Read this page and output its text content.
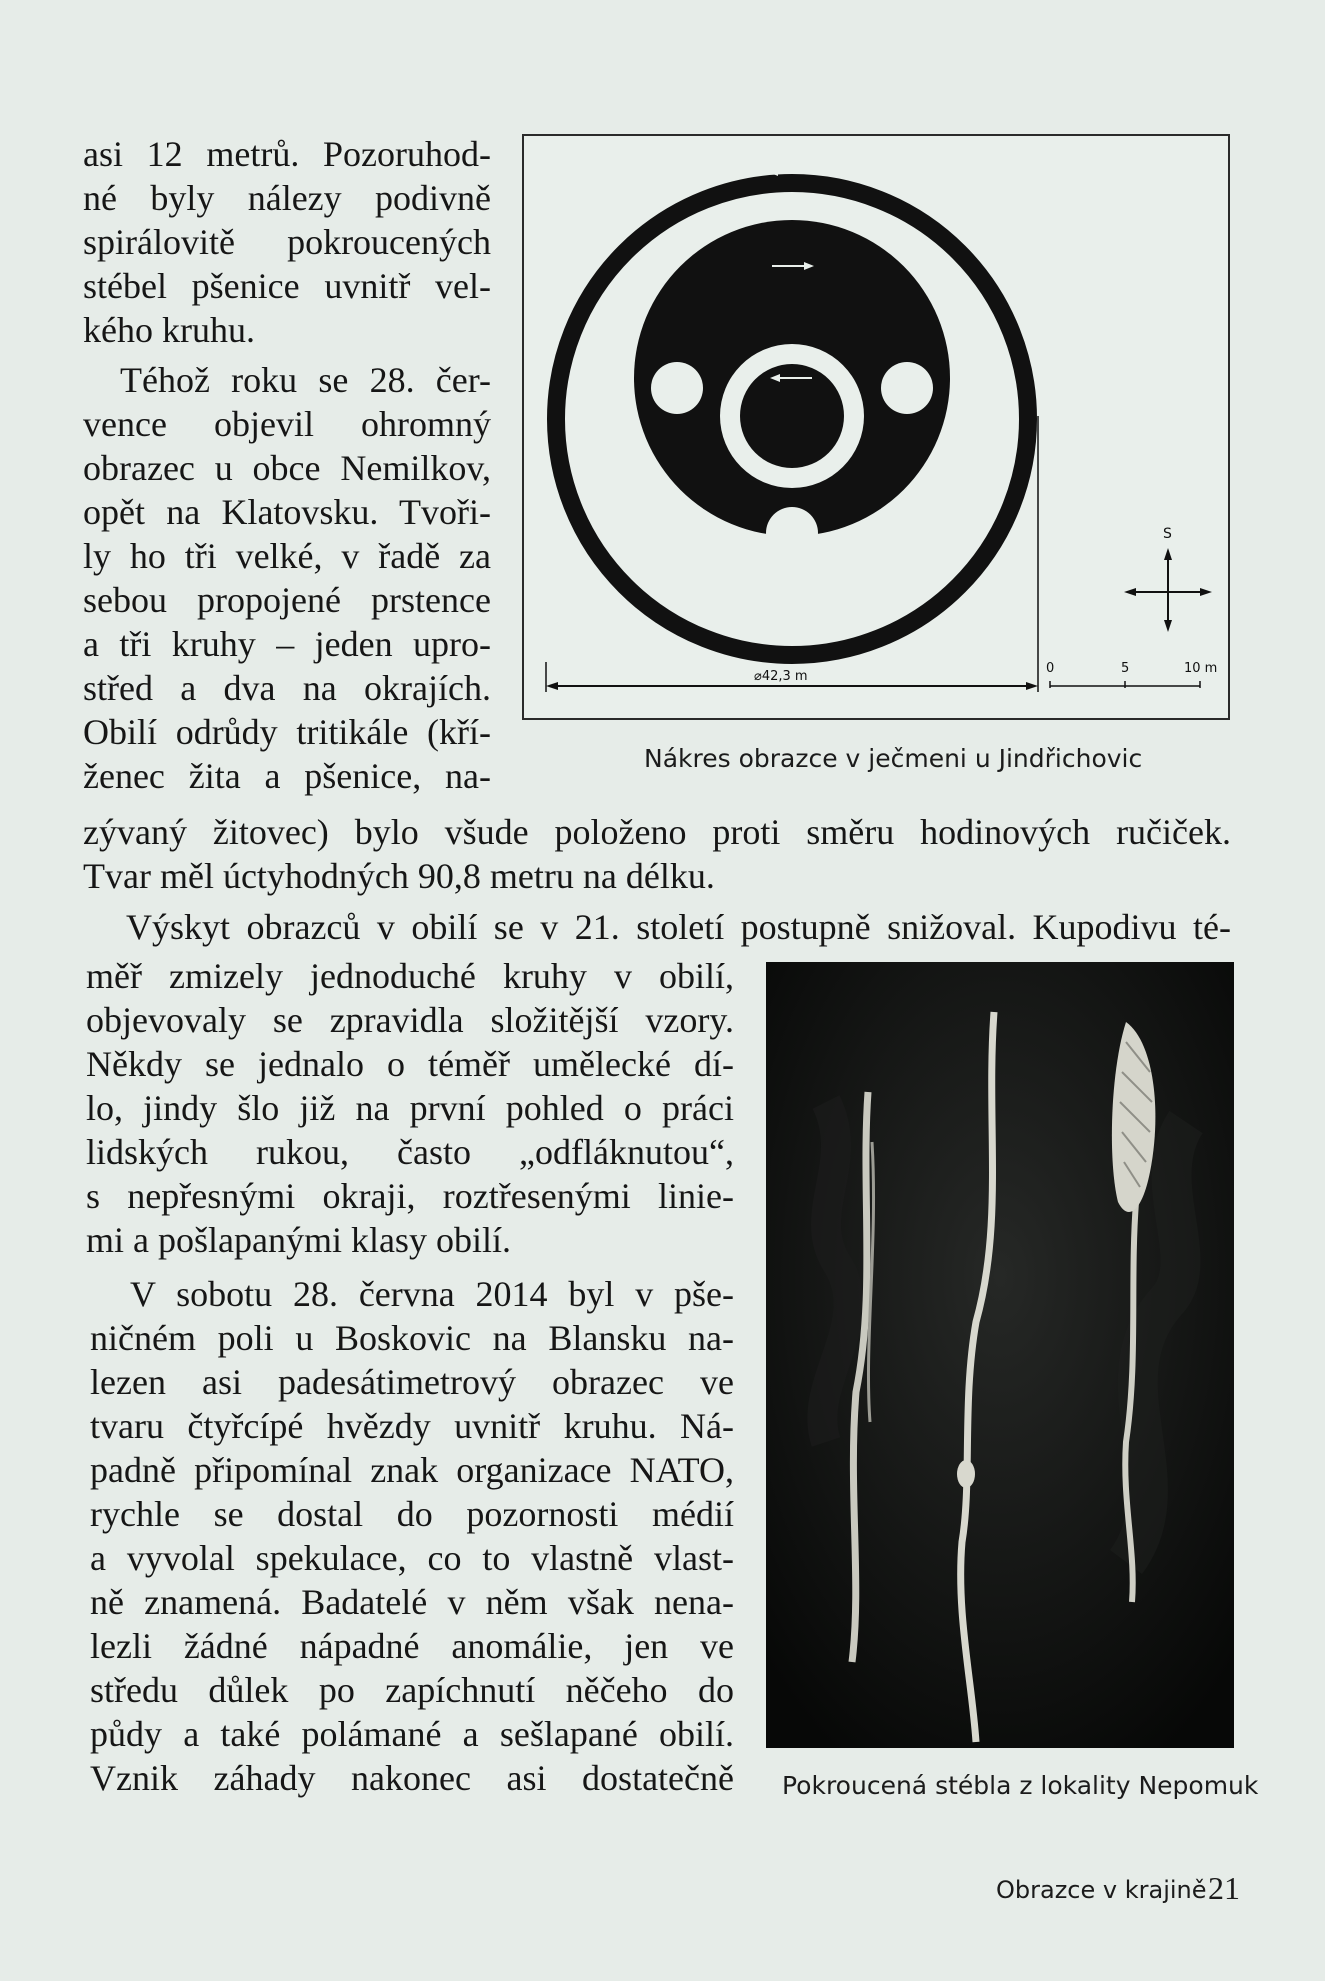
asi 12 metrů. Pozoruhod-
né byly nálezy podivně
spirálovitě pokroucených
stébel pšenice uvnitř vel-
kého kruhu.
Téhož roku se 28. čer-
vence objevil ohromný
obrazec u obce Nemilkov,
opět na Klatovsku. Tvoři-
ly ho tři velké, v řadě za
sebou propojené prstence
a tři kruhy – jeden upro-
střed a dva na okrajích.
Obilí odrůdy tritikále (kří-
ženec žita a pšenice, na-
zývaný žitovec) bylo všude položeno proti směru hodinových ručiček.
Tvar měl úctyhodných 90,8 metru na délku.
Výskyt obrazců v obilí se v 21. století postupně snižoval. Kupodivu té-
měř zmizely jednoduché kruhy v obilí,
objevovaly se zpravidla složitější vzory.
Někdy se jednalo o téměř umělecké dí-
lo, jindy šlo již na první pohled o práci
lidských rukou, často „odfláknutou“,
s nepřesnými okraji, roztřesenými linie-
mi a pošlapanými klasy obilí.
V sobotu 28. června 2014 byl v pše-
ničném poli u Boskovic na Blansku na-
lezen asi padesátimetrový obrazec ve
tvaru čtyřcípé hvězdy uvnitř kruhu. Ná-
padně připomínal znak organizace NATO,
rychle se dostal do pozornosti médií
a vyvolal spekulace, co to vlastně vlast-
ně znamená. Badatelé v něm však nena-
lezli žádné nápadné anomálie, jen ve
středu důlek po zapíchnutí něčeho do
půdy a také polámané a sešlapané obilí.
Vznik záhady nakonec asi dostatečně
⌀42,3 m
S
0	5	10 m
Nákres obrazce v ječmeni u Jindřichovic
Pokroucená stébla z lokality Nepomuk
Obrazce v krajině 21
